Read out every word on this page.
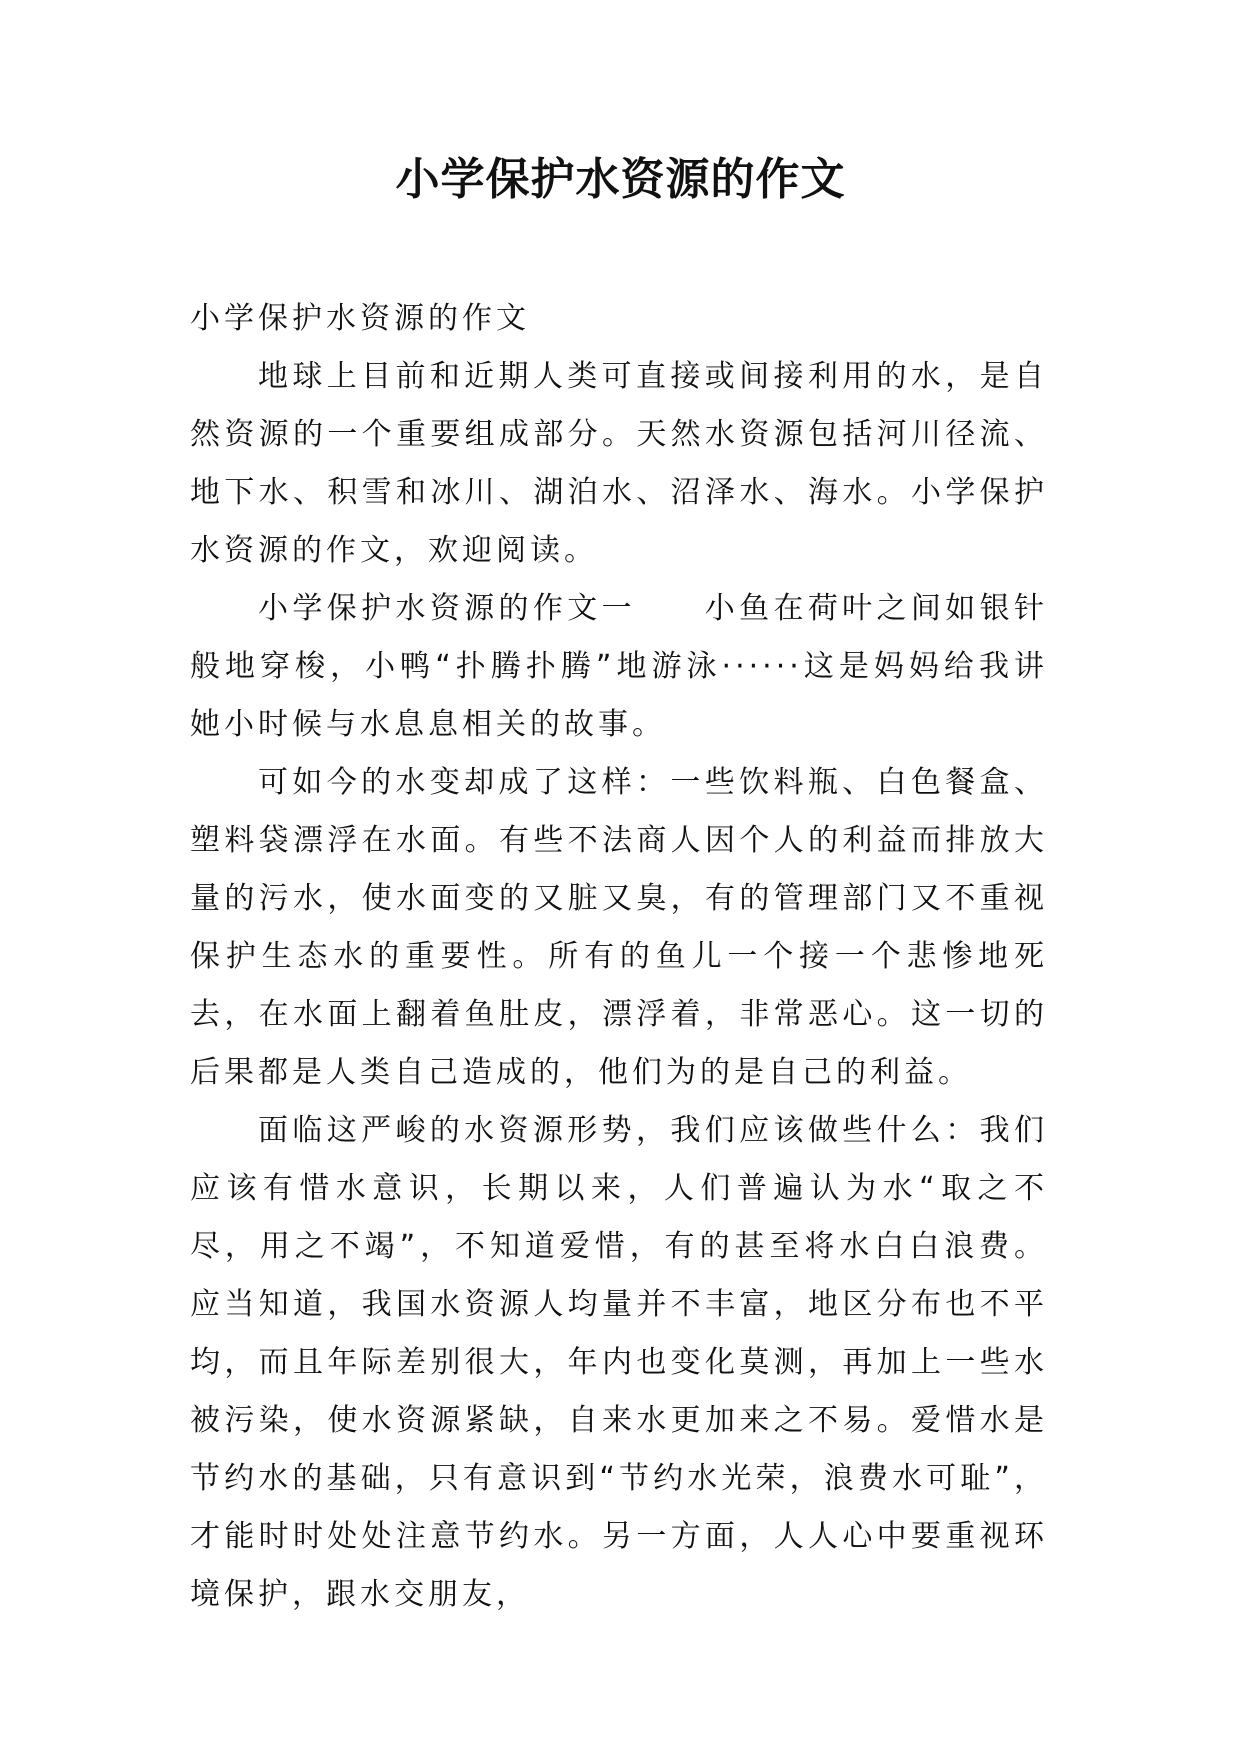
小学保护水资源的作文

小学保护水资源的作文

地球上目前和近期人类可直接或间接利用的水，是自然资源的一个重要组成部分。天然水资源包括河川径流、地下水、积雪和冰川、湖泊水、沼泽水、海水。小学保护水资源的作文，欢迎阅读。

小学保护水资源的作文一　　小鱼在荷叶之间如银针般地穿梭，小鸭“扑腾扑腾”地游泳······这是妈妈给我讲她小时候与水息息相关的故事。

可如今的水变却成了这样：一些饮料瓶、白色餐盒、塑料袋漂浮在水面。有些不法商人因个人的利益而排放大量的污水，使水面变的又脏又臭，有的管理部门又不重视保护生态水的重要性。所有的鱼儿一个接一个悲惨地死去，在水面上翻着鱼肚皮，漂浮着，非常恶心。这一切的后果都是人类自己造成的，他们为的是自己的利益。

面临这严峻的水资源形势，我们应该做些什么：我们应该有惜水意识，长期以来，人们普遍认为水“取之不尽，用之不竭”，不知道爱惜，有的甚至将水白白浪费。应当知道，我国水资源人均量并不丰富，地区分布也不平均，而且年际差别很大，年内也变化莫测，再加上一些水被污染，使水资源紧缺，自来水更加来之不易。爱惜水是节约水的基础，只有意识到“节约水光荣，浪费水可耻”，才能时时处处注意节约水。另一方面，人人心中要重视环境保护，跟水交朋友，
